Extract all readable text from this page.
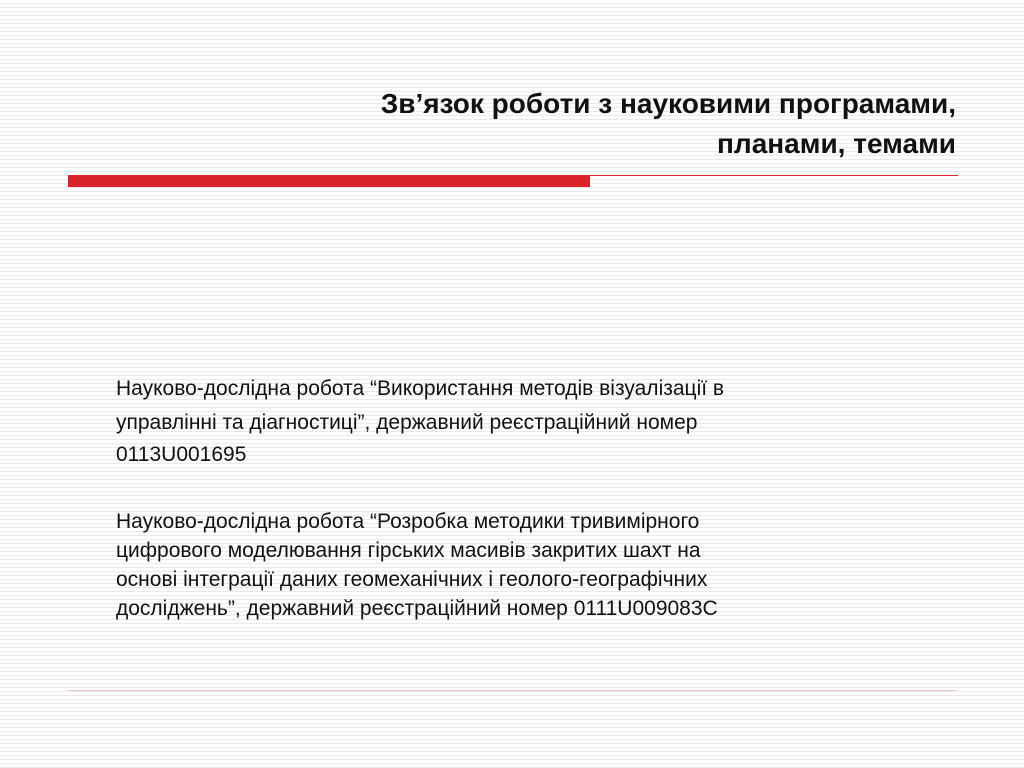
Зв’язок роботи з науковими програмами,
планами, темами

Науково-дослідна робота “Використання методів візуалізації в
управлінні та діагностиці”, державний реєстраційний номер
0113U001695

Науково-дослідна робота “Розробка методики тривимірного
цифрового моделювання гірських масивів закритих шахт на
основі інтеграції даних геомеханічних і геолого-географічних
досліджень”, державний реєстраційний номер 0111U009083C
